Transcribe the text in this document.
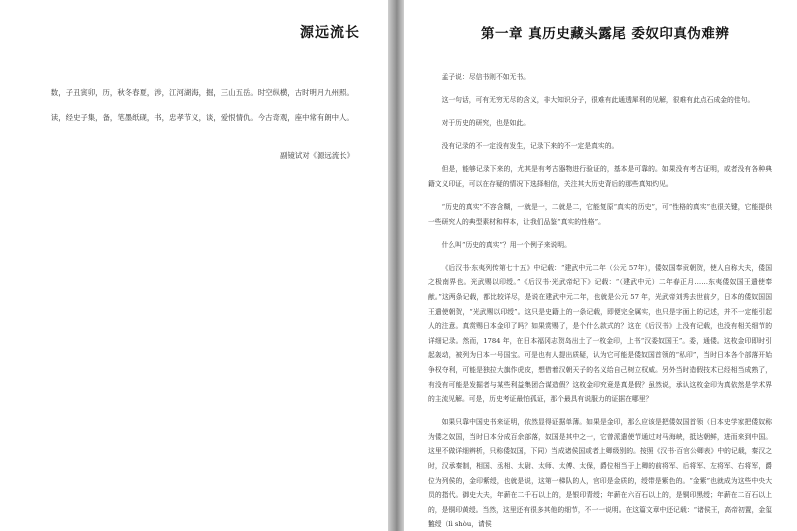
源远流长

数，子丑寅卯，历，秋冬春夏，涉，江河湖海，掘，三山五岳。时空纵横，古时明月九州照。

读，经史子集，备，笔墨纸砚，书，忠孝节义，谈，爱恨情仇。今古奇观，座中常有朗中人。

副镜试对《源远流长》
第一章 真历史藏头露尾 委奴印真伪难辨

孟子说：尽信书则不如无书。

这一句话，可有无穷无尽的含义，非大知识分子，很难有此通透犀利的见解，很难有此点石成金的佳句。

对于历史的研究，也是如此。

没有记录的不一定没有发生，记录下来的不一定是真实的。

但是，能够记录下来的，尤其是有考古器物进行验证的，基本是可靠的。如果没有考古证明，或者没有各种典籍文义印证，可以在存疑的情况下选择相信，关注其大历史背后的那些真知灼见。

“历史的真实”不容含糊，一就是一，二就是二，它能复原“真实的历史”，可“性格的真实”也很关键，它能提供一些研究人的典型素材和样本，让我们品鉴“真实的性格”。

什么叫“历史的真实”？用一个例子来说明。

《后汉书·东夷列传第七十五》中记载：“建武中元二年（公元 57年），倭奴国奉贡朝贺，使人自称大夫，倭国之极南界也。光武赐以印绶。”《后汉书·光武帝纪下》记载：“（建武中元）二年春正月……东夷倭奴国王遣使奉献。”这两条记载，都比较详尽，是说在建武中元二年，也就是公元 57 年，光武帝刘秀去世前夕，日本的倭奴国国王遣使朝贺，“光武赐以印绶”。这只是史籍上的一条记载，即便完全属实，也只是字面上的记述，并不一定能引起人的注意。真赏赐日本金印了吗？如果赏赐了，是个什么款式的？这在《后汉书》上没有记载，也没有相关细节的详细记录。然而，1784 年，在日本福冈志贺岛出土了一枚金印，上书“汉委奴国王”。委，通倭。这枚金印即时引起轰动，被列为日本一号国宝。可是也有人提出质疑，认为它可能是倭奴国首领的“私印”，当时日本各个部落开始争权夺利，可能是独拉大旗作虎皮，想借着汉朝天子的名义给自己树立权威。另外当时造假技术已经相当成熟了，有没有可能是发掘者与某些利益集团合谋造假？这枚金印究竟是真是假？虽然说，承认这枚金印为真依然是学术界的主流见解。可是，历史考证最怕孤证，那个最具有说服力的证据在哪里？

如果只靠中国史书来证明，依然显得证据单薄。如果是金印，那么应该是把倭奴国首领（日本史学家把倭奴称为倭之奴国，当时日本分成百余部落，奴国是其中之一，它曾派遣使节通过对马海峡，抵达朝鲜，进而来到中国。这里不做详细辨析，只称倭奴国，下同）当成诸侯国或者上卿级别的。按照《汉书·百官公卿表》中的记载，秦汉之时，汉承秦制，相国、丞相、太尉、太师、太傅、太保，爵位相当于上卿的前将军、后将军、左将军、右将军，爵位为列侯的，金印紫绶，也就是说，这第一梯队的人，官印是金质的，绶带是紫色的。“金紫”也就成为这些中央大员的指代。御史大夫，年薪在二千石以上的，是银印青绶；年薪在六百石以上的，是铜印黑绶；年薪在二百石以上的，是铜印黄绶。当然，这里还有很多其他的细节，不一一说明。在这篇文章中还记载：“诸侯王，高帝初置，金玺盭绶（lì shòu，请侯
